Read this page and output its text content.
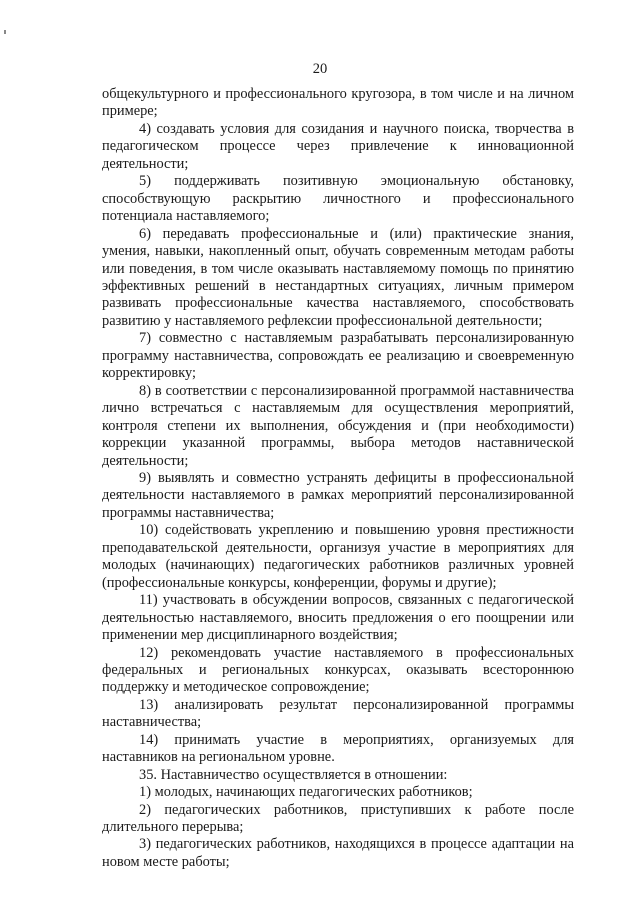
20

общекультурного и профессионального кругозора, в том числе и на личном примере;

4) создавать условия для созидания и научного поиска, творчества в педагогическом процессе через привлечение к инновационной деятельности;

5) поддерживать позитивную эмоциональную обстановку, способствующую раскрытию личностного и профессионального потенциала наставляемого;

6) передавать профессиональные и (или) практические знания, умения, навыки, накопленный опыт, обучать современным методам работы или поведения, в том числе оказывать наставляемому помощь по принятию эффективных решений в нестандартных ситуациях, личным примером развивать профессиональные качества наставляемого, способствовать развитию у наставляемого рефлексии профессиональной деятельности;

7) совместно с наставляемым разрабатывать персонализированную программу наставничества, сопровождать ее реализацию и своевременную корректировку;

8) в соответствии с персонализированной программой наставничества лично встречаться с наставляемым для осуществления мероприятий, контроля степени их выполнения, обсуждения и (при необходимости) коррекции указанной программы, выбора методов наставнической деятельности;

9) выявлять и совместно устранять дефициты в профессиональной деятельности наставляемого в рамках мероприятий персонализированной программы наставничества;

10) содействовать укреплению и повышению уровня престижности преподавательской деятельности, организуя участие в мероприятиях для молодых (начинающих) педагогических работников различных уровней (профессиональные конкурсы, конференции, форумы и другие);

11) участвовать в обсуждении вопросов, связанных с педагогической деятельностью наставляемого, вносить предложения о его поощрении или применении мер дисциплинарного воздействия;

12) рекомендовать участие наставляемого в профессиональных федеральных и региональных конкурсах, оказывать всестороннюю поддержку и методическое сопровождение;

13) анализировать результат персонализированной программы наставничества;

14) принимать участие в мероприятиях, организуемых для наставников на региональном уровне.

35. Наставничество осуществляется в отношении:

1) молодых, начинающих педагогических работников;

2) педагогических работников, приступивших к работе после длительного перерыва;

3) педагогических работников, находящихся в процессе адаптации на новом месте работы;
